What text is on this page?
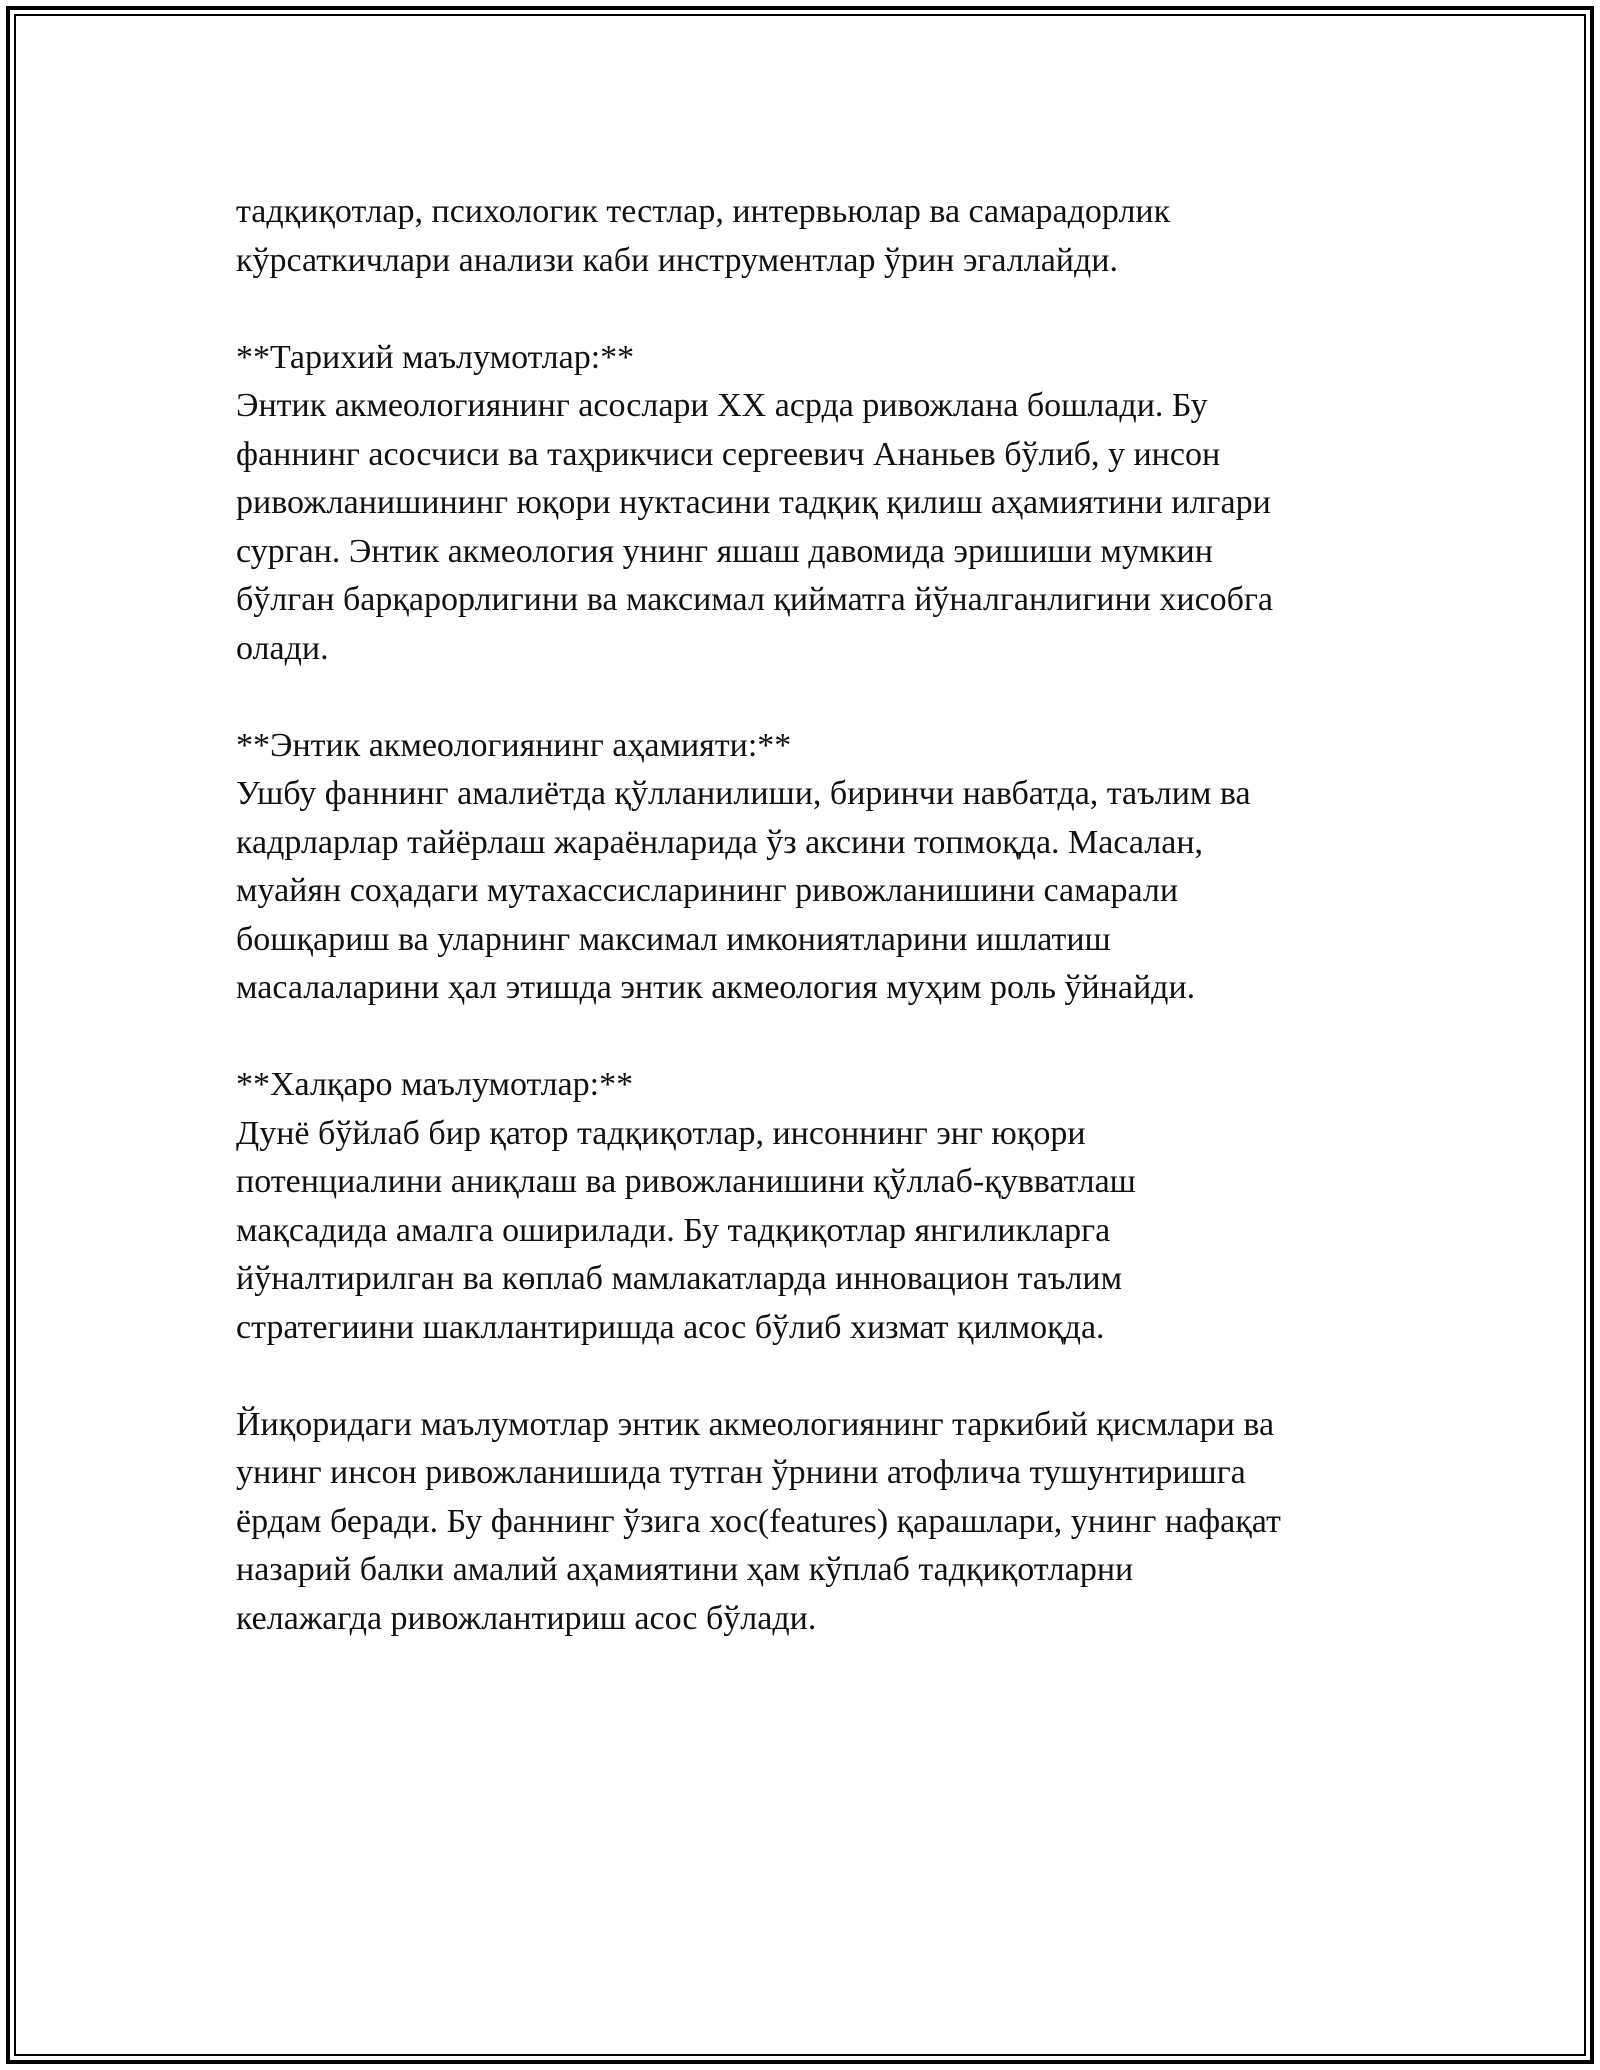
тадқиқотлар, психологик тестлар, интервьюлар ва самарадорлик
кўрсаткичлари анализи каби инструментлар ўрин эгаллайди.
**Тарихий маълумотлар:**
Энтик акмеологиянинг асослари XX асрда ривожлана бошлади. Бу
фаннинг асосчиси ва таҳрикчиси сергеевич Ананьев бўлиб, у инсон
ривожланишининг юқори нуктасини тадқиқ қилиш аҳамиятини илгари
сурган. Энтик акмеология унинг яшаш давомида эришиши мумкин
бўлган барқарорлигини ва максимал қийматга йўналганлигини хисобга
олади.
**Энтик акмеологиянинг аҳамияти:**
Ушбу фаннинг амалиётда қўлланилиши, биринчи навбатда, таълим ва
кадрларлар тайёрлаш жараёнларида ўз аксини топмоқда. Масалан,
муайян соҳадаги мутахассисларининг ривожланишини самарали
бошқариш ва уларнинг максимал имкониятларини ишлатиш
масалаларини ҳал этишда энтик акмеология муҳим роль ўйнайди.
**Халқаро маълумотлар:**
Дунё бўйлаб бир қатор тадқиқотлар, инсоннинг энг юқори
потенциалини аниқлаш ва ривожланишини қўллаб-қувватлаш
мақсадида амалга оширилади. Бу тадқиқотлар янгиликларга
йўналтирилган ва көплаб мамлакатларда инновацион таълим
стратегиини шакллантиришда асос бўлиб хизмат қилмоқда.
Йиқоридаги маълумотлар энтик акмеологиянинг таркибий қисмлари ва
унинг инсон ривожланишида тутган ўрнини атофлича тушунтиришга
ёрдам беради. Бу фаннинг ўзига хос(features) қарашлари, унинг нафақат
назарий балки амалий аҳамиятини ҳам кўплаб тадқиқотларни
келажагда ривожлантириш асос бўлади.
